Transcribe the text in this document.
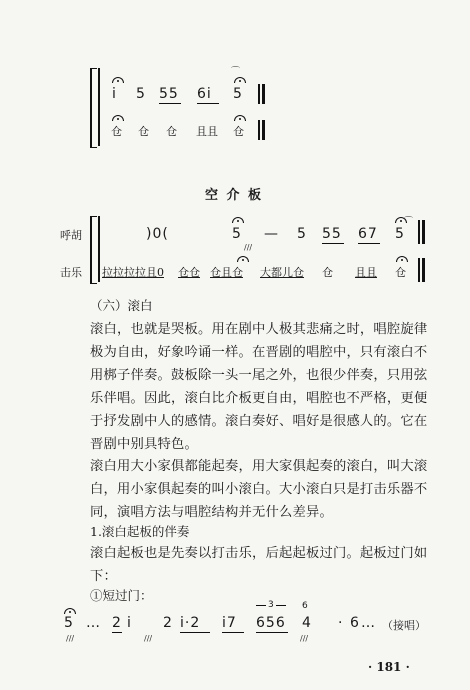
⌒
i 5 55 6i 5
仓 仓 仓 且且 仓
空 介 板
呼胡
击乐
)0(	5
///
— 5 55 67 5
⌒
拉拉拉拉且0 仓仓 仓且仓 大都儿仓 仓 且且 仓
（六）滚白
滚白，也就是哭板。用在剧中人极其悲痛之时，唱腔旋律极为自由，好象吟诵一样。在晋剧的唱腔中，只有滚白不用梆子伴奏。鼓板除一头一尾之外，也很少伴奏，只用弦乐伴唱。因此，滚白比介板更自由，唱腔也不严格，更便于抒发剧中人的感情。滚白奏好、唱好是很感人的。它在晋剧中别具特色。
滚白用大小家俱都能起奏，用大家俱起奏的滚白，叫大滚白，用小家俱起奏的叫小滚白。大小滚白只是打击乐器不同，演唱方法与唱腔结构并无什么差异。
1.滚白起板的伴奏
滚白起板也是先奏以打击乐，后起起板过门。起板过门如下：
①短过门：
5
///
… 2 i
///
2 i·2 i7
3
656
6
4
///
· 6 … （接唱）
· 181 ·
